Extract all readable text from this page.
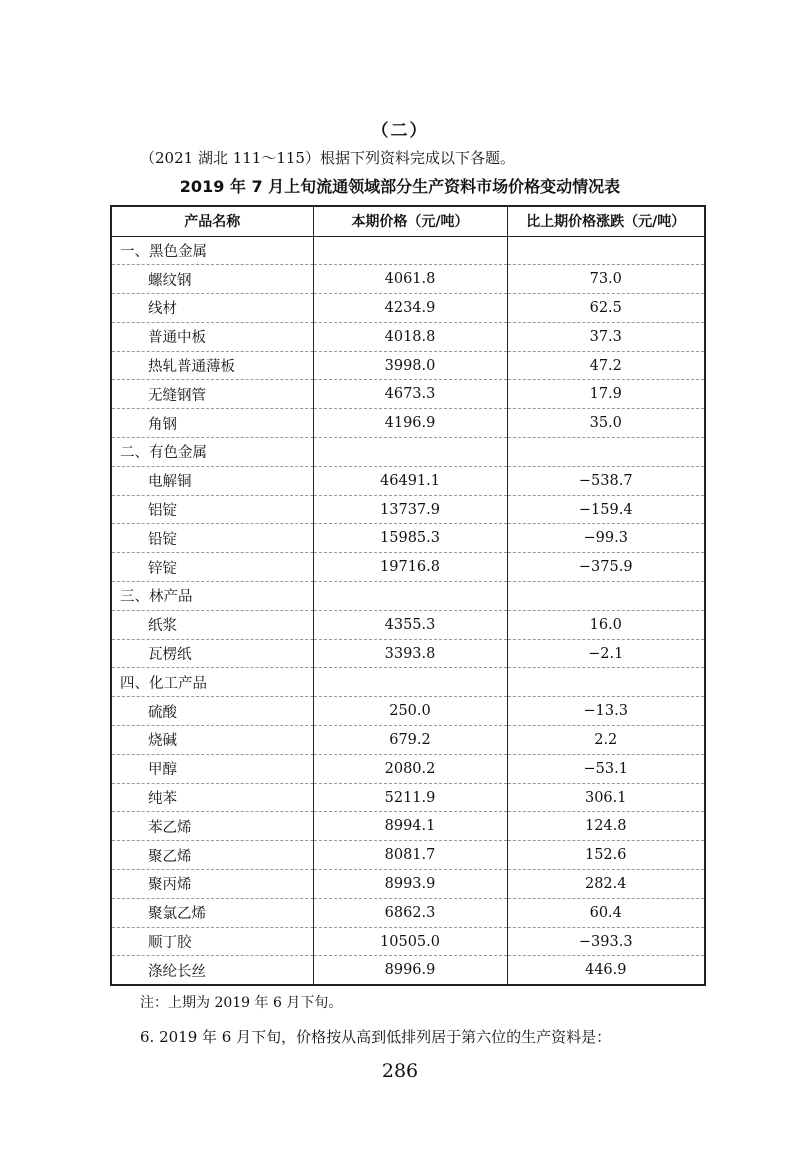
（二）
（2021 湖北 111～115）根据下列资料完成以下各题。
2019 年 7 月上旬流通领域部分生产资料市场价格变动情况表
产品名称	本期价格（元/吨）	比上期价格涨跌（元/吨）
一、黑色金属		
螺纹钢	4061.8	73.0
线材	4234.9	62.5
普通中板	4018.8	37.3
热轧普通薄板	3998.0	47.2
无缝钢管	4673.3	17.9
角钢	4196.9	35.0
二、有色金属		
电解铜	46491.1	−538.7
铝锭	13737.9	−159.4
铅锭	15985.3	−99.3
锌锭	19716.8	−375.9
三、林产品		
纸浆	4355.3	16.0
瓦楞纸	3393.8	−2.1
四、化工产品		
硫酸	250.0	−13.3
烧碱	679.2	2.2
甲醇	2080.2	−53.1
纯苯	5211.9	306.1
苯乙烯	8994.1	124.8
聚乙烯	8081.7	152.6
聚丙烯	8993.9	282.4
聚氯乙烯	6862.3	60.4
顺丁胶	10505.0	−393.3
涤纶长丝	8996.9	446.9
注：上期为 2019 年 6 月下旬。
6. 2019 年 6 月下旬，价格按从高到低排列居于第六位的生产资料是：
286
